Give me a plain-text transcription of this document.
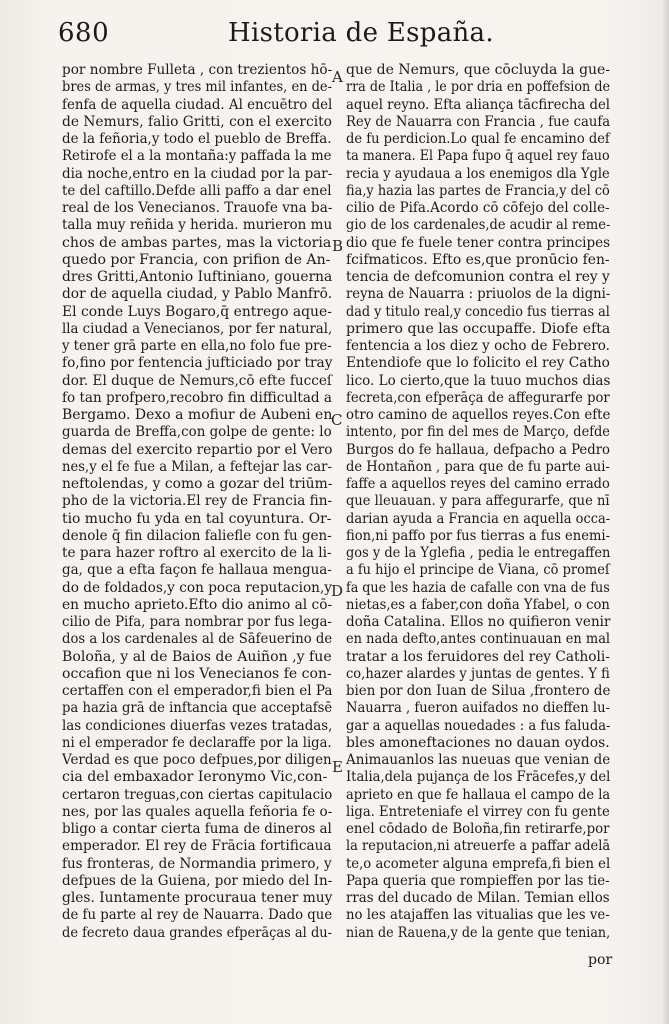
680	Historia de España.
por nombre Fulleta , con trezientos hō-
bres de armas, y tres mil infantes, en de-
fenfa de aquella ciudad. Al encuētro del
de Nemurs, falio Gritti, con el exercito
de la feñoria,y todo el pueblo de Breffa.
Retirofe el a la montaña:y paffada la me
dia noche,entro en la ciudad por la par-
te del caftillo.Defde alli paffo a dar enel
real de los Venecianos. Trauofe vna ba-
talla muy reñida y herida. murieron mu
chos de ambas partes, mas la victoria
quedo por Francia, con prifion de An-
dres Gritti,Antonio Iuftiniano, gouerna
dor de aquella ciudad, y Pablo Manfrō.
El conde Luys Bogaro,q̄ entrego aque-
lla ciudad a Venecianos, por fer natural,
y tener grā parte en ella,no folo fue pre-
fo,fino por fentencia jufticiado por tray
dor. El duque de Nemurs,cō efte fucceſ
fo tan profpero,recobro fin difficultad a
Bergamo. Dexo a mofiur de Aubeni en
guarda de Breffa,con golpe de gente: lo
demas del exercito repartio por el Vero
nes,y el fe fue a Milan, a feftejar las car-
neftolendas, y como a gozar del triūm-
pho de la victoria.El rey de Francia fin-
tio mucho fu yda en tal coyuntura. Or-
denole q̄ fin dilacion faliefle con fu gen-
te para hazer roftro al exercito de la li-
ga, que a efta façon fe hallaua mengua-
do de foldados,y con poca reputacion,y
en mucho aprieto.Efto dio animo al cō-
cilio de Pifa, para nombrar por fus lega-
dos a los cardenales al de Sāfeuerino de
Boloña, y al de Baios de Auiñon ,y fue
occafion que ni los Venecianos fe con-
certaffen con el emperador,fi bien el Pa
pa hazia grā de inftancia que acceptafsē
las condiciones diuerfas vezes tratadas,
ni el emperador fe declaraffe por la liga.
Verdad es que poco defpues,por diligen
cia del embaxador Ieronymo Vic,con-
certaron treguas,con ciertas capitulacio
nes, por las quales aquella feñoria fe o-
bligo a contar cierta fuma de dineros al
emperador. El rey de Frācia fortificaua
fus fronteras, de Normandia primero, y
defpues de la Guiena, por miedo del In-
gles. Iuntamente procuraua tener muy
de fu parte al rey de Nauarra. Dado que
de fecreto daua grandes efperāças al du-
que de Nemurs, que cōcluyda la gue-
rra de Italia , le por dria en poffefsion de
aquel reyno. Efta aliança tācfirecha del
Rey de Nauarra con Francia , fue caufa
de fu perdicion.Lo qual fe encamino def
ta manera. El Papa fupo q̄ aquel rey fauo
recia y ayudaua a los enemigos dla Ygle
fia,y hazia las partes de Francia,y del cō
cilio de Pifa.Acordo cō cōfejo del colle-
gio de los cardenales,de acudir al reme-
dio que fe fuele tener contra principes
fcifmaticos. Efto es,que pronūcio fen-
tencia de defcomunion contra el rey y
reyna de Nauarra : priuolos de la digni-
dad y titulo real,y concedio fus tierras al
primero que las occupaffe. Diofe efta
fentencia a los diez y ocho de Febrero.
Entendiofe que lo folicito el rey Catho
lico. Lo cierto,que la tuuo muchos dias
fecreta,con efperāça de affegurarfe por
otro camino de aquellos reyes.Con efte
intento, por fin del mes de Março, defde
Burgos do fe hallaua, defpacho a Pedro
de Hontañon , para que de fu parte aui-
faffe a aquellos reyes del camino errado
que lleuauan. y para affegurarfe, que nī
darian ayuda a Francia en aquella occa-
fion,ni paffo por fus tierras a fus enemi-
gos y de la Yglefia , pedia le entregaffen
a fu hijo el principe de Viana, cō promeſ
fa que les hazia de cafalle con vna de fus
nietas,es a faber,con doña Yfabel, o con
doña Catalina. Ellos no quifieron venir
en nada defto,antes continuauan en mal
tratar a los feruidores del rey Catholi-
co,hazer alardes y juntas de gentes. Y fi
bien por don Iuan de Silua ,frontero de
Nauarra , fueron auifados no dieffen lu-
gar a aquellas nouedades : a fus faluda-
bles amoneftaciones no dauan oydos.
Animauanlos las nueuas que venian de
Italia,dela pujança de los Frācefes,y del
aprieto en que fe hallaua el campo de la
liga. Entreteniafe el virrey con fu gente
enel cōdado de Boloña,fin retirarfe,por
la reputacion,ni atreuerfe a paffar adelā
te,o acometer alguna emprefa,fi bien el
Papa queria que rompieffen por las tie-
rras del ducado de Milan. Temian ellos
no les atajaffen las vitualias que les ve-
nian de Rauena,y de la gente que tenian,
A
B
C
D
E
por
